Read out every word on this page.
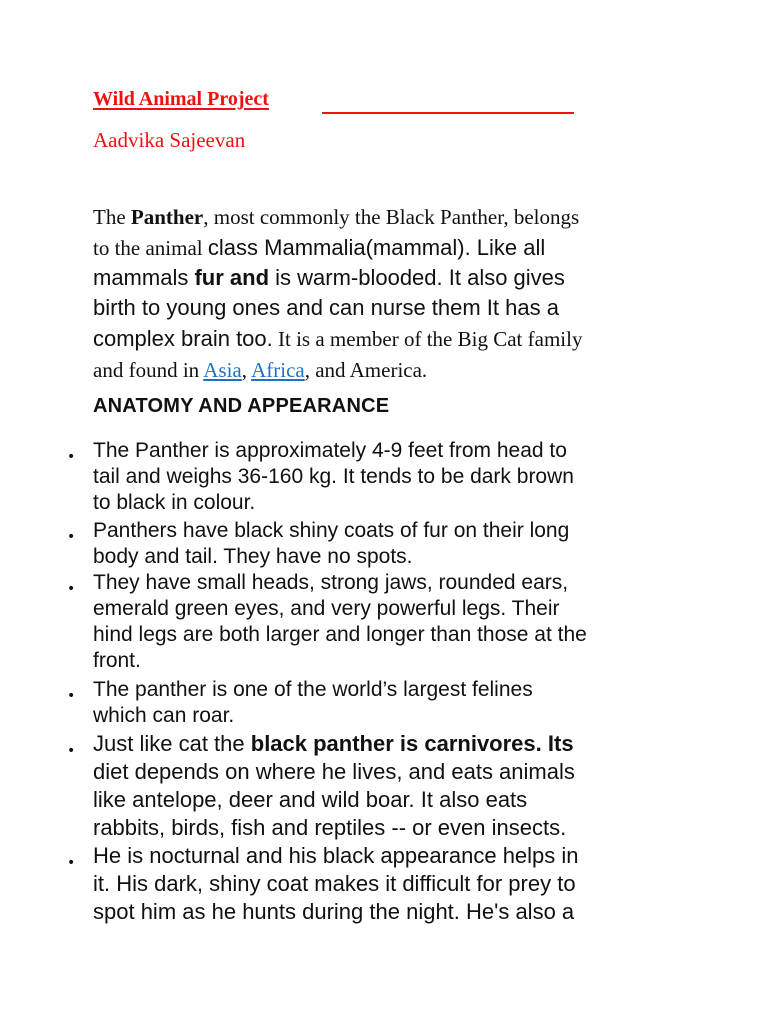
Wild Animal Project
Aadvika Sajeevan
The Panther, most commonly the Black Panther, belongs
to the animal class Mammalia(mammal). Like all
mammals fur and is warm-blooded. It also gives
birth to young ones and can nurse them It has a
complex brain too. It is a member of the Big Cat family
and found in Asia, Africa, and America.
ANATOMY AND APPEARANCE
• The Panther is approximately 4-9 feet from head to
tail and weighs 36-160 kg. It tends to be dark brown
to black in colour.
• Panthers have black shiny coats of fur on their long
body and tail. They have no spots.
• They have small heads, strong jaws, rounded ears,
emerald green eyes, and very powerful legs. Their
hind legs are both larger and longer than those at the
front.
• The panther is one of the world’s largest felines
which can roar.
• Just like cat the black panther is carnivores. Its
diet depends on where he lives, and eats animals
like antelope, deer and wild boar. It also eats
rabbits, birds, fish and reptiles -- or even insects.
• He is nocturnal and his black appearance helps in
it. His dark, shiny coat makes it difficult for prey to
spot him as he hunts during the night. He's also a
